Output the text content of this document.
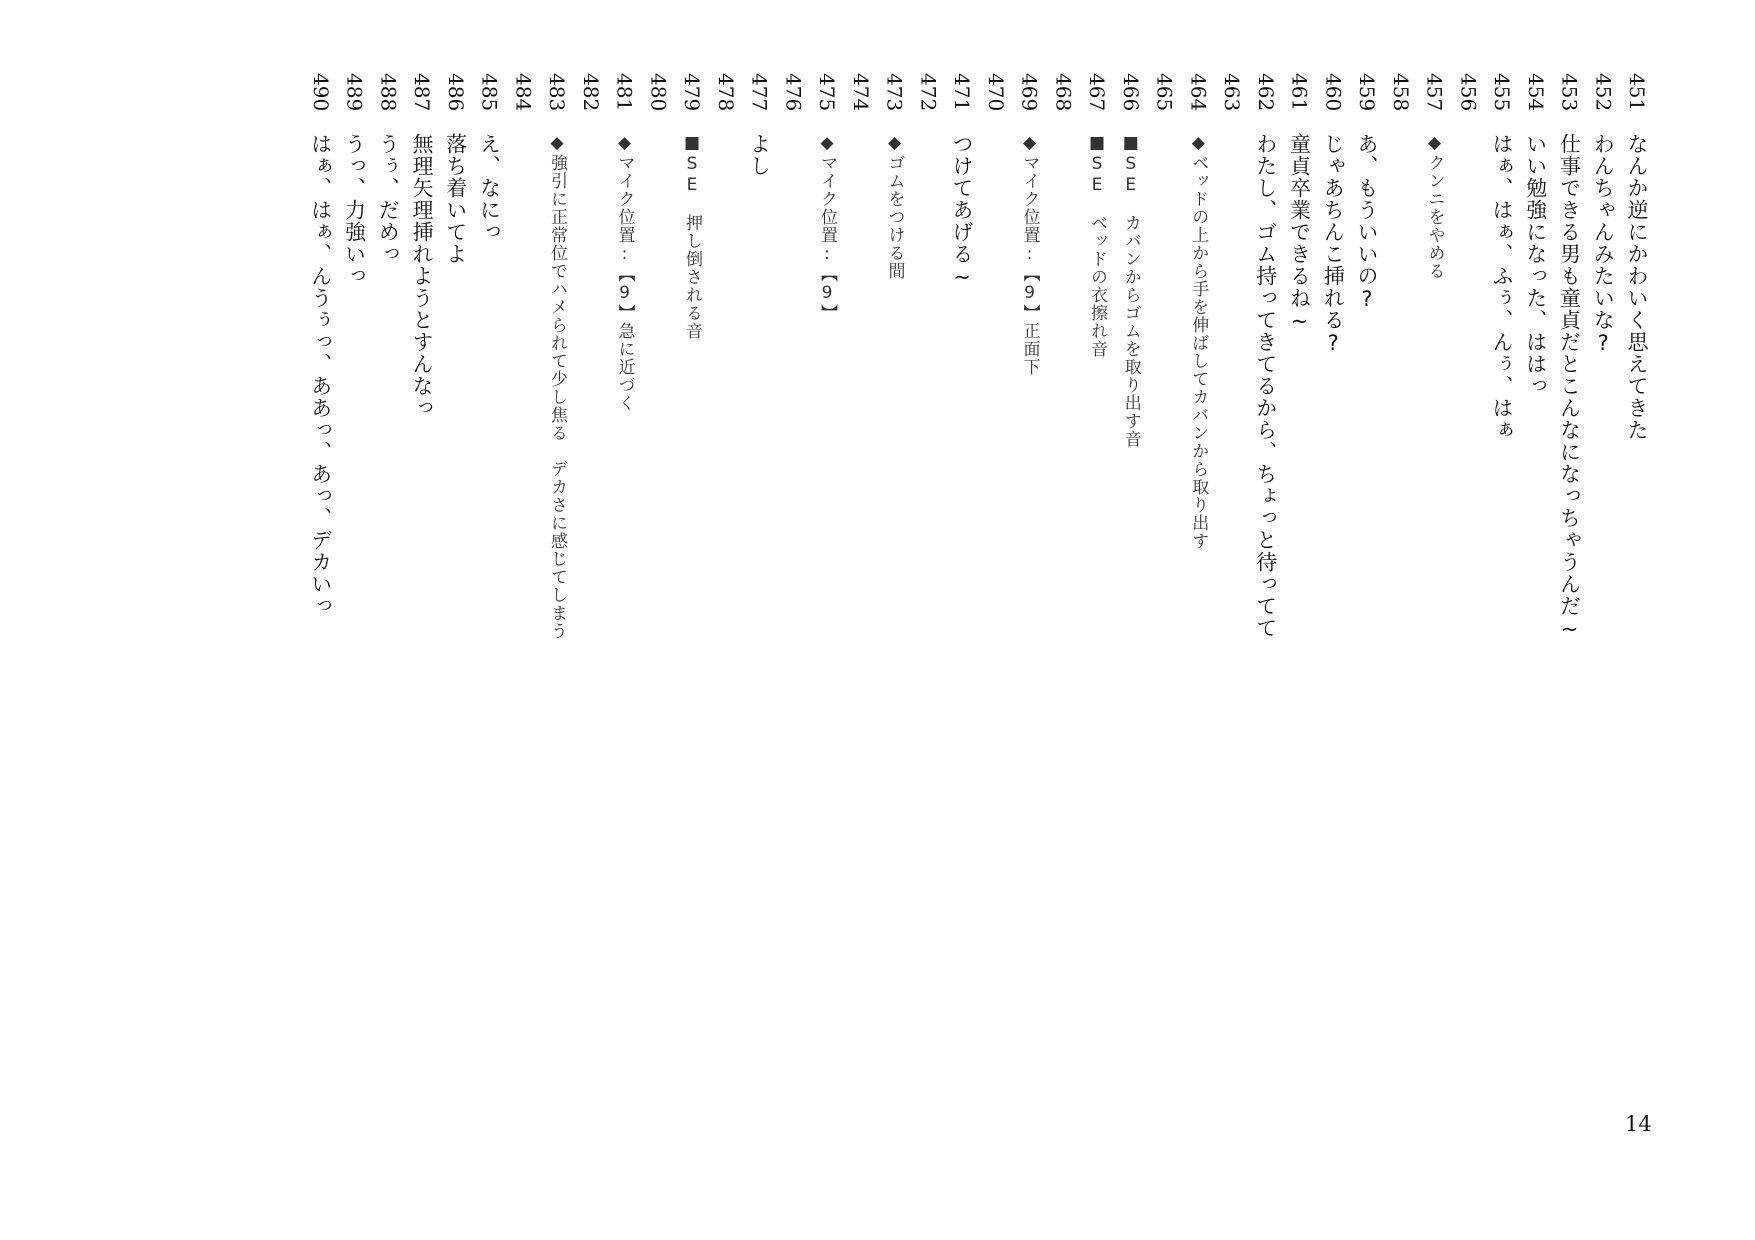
451
なんか逆にかわいく思えてきた
452
わんちゃんみたいな?
453
仕事できる男も童貞だとこんなになっちゃうんだ~
454
いい勉強になった、ははっ
455
はぁ、はぁ、ふぅ、んぅ、はぁ
456
457
◆クンニをやめる
458
459
あ、もういいの?
460
じゃあちんこ挿れる?
461
童貞卒業できるね~
462
わたし、ゴム持ってきてるから、ちょっと待ってて
463
464
◆ベッドの上から手を伸ばしてカバンから取り出す
465
466
■SE　カバンからゴムを取り出す音
467
■SE　ベッドの衣擦れ音
468
469
◆マイク位置:【9】正面下
470
471
つけてあげる~
472
473
◆ゴムをつける間
474
475
◆マイク位置:【9】
476
477
よし
478
479
■SE　押し倒される音
480
481
◆マイク位置:【9】急に近づく
482
483
◆強引に正常位でハメられて少し焦る　デカさに感じてしまう
484
485
え、なにっ
486
落ち着いてよ
487
無理矢理挿れようとすんなっ
488
うぅ、だめっ
489
うっ、力強いっ
490
はぁ、はぁ、んうぅっ、ああっ、あっ、デカいっ
14
